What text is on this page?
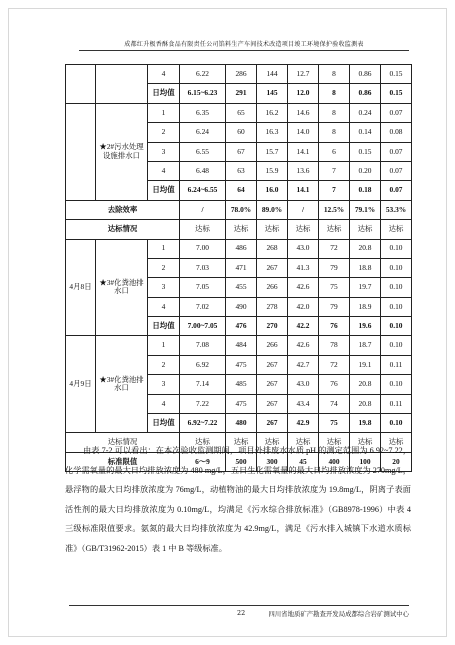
成都红升极香酥食品有限责任公司馅料生产车间技术改造项目竣工环境保护验收监测表
		4	6.22	286	144	12.7	8	0.86	0.15
		日均值	6.15~6.23	291	145	12.0	8	0.86	0.15
	★2#污水处理设施排水口	1	6.35	65	16.2	14.6	8	0.24	0.07
		2	6.24	60	16.3	14.0	8	0.14	0.08
		3	6.55	67	15.7	14.1	6	0.15	0.07
		4	6.48	63	15.9	13.6	7	0.20	0.07
		日均值	6.24~6.55	64	16.0	14.1	7	0.18	0.07
去除效率			/	78.0%	89.0%	/	12.5%	79.1%	53.3%
达标情况			达标	达标	达标	达标	达标	达标	达标
4月8日	★3#化粪池排水口	1	7.00	486	268	43.0	72	20.8	0.10
		2	7.03	471	267	41.3	79	18.8	0.10
		3	7.05	455	266	42.6	75	19.7	0.10
		4	7.02	490	278	42.0	79	18.9	0.10
		日均值	7.00~7.05	476	270	42.2	76	19.6	0.10
4月9日	★3#化粪池排水口	1	7.08	484	266	42.6	78	18.7	0.10
		2	6.92	475	267	42.7	72	19.1	0.11
		3	7.14	485	267	43.0	76	20.8	0.10
		4	7.22	475	267	43.4	74	20.8	0.11
		日均值	6.92~7.22	480	267	42.9	75	19.8	0.10
达标情况			达标	达标	达标	达标	达标	达标	达标
标准限值			6～9	500	300	45	400	100	20
由表 7-2 可以看出：在本次验收监测期间，项目外排废水水质 pH 的测定范围为 6.92~7.22，化学需氧量的最大日均排放浓度为 480 mg/L，五日生化需氧量的最大日均排放浓度为 270mg/L，悬浮物的最大日均排放浓度为 76mg/L，动植物油的最大日均排放浓度为 19.8mg/L，阴离子表面活性剂的最大日均排放浓度为 0.10mg/L，均满足《污水综合排放标准》（GB8978-1996）中表 4 三级标准限值要求。氨氮的最大日均排放浓度为 42.9mg/L，满足《污水排入城镇下水道水质标准》（GB/T31962-2015）表 1 中 B 等级标准。
22	四川省地质矿产勘查开发局成都综合岩矿测试中心
